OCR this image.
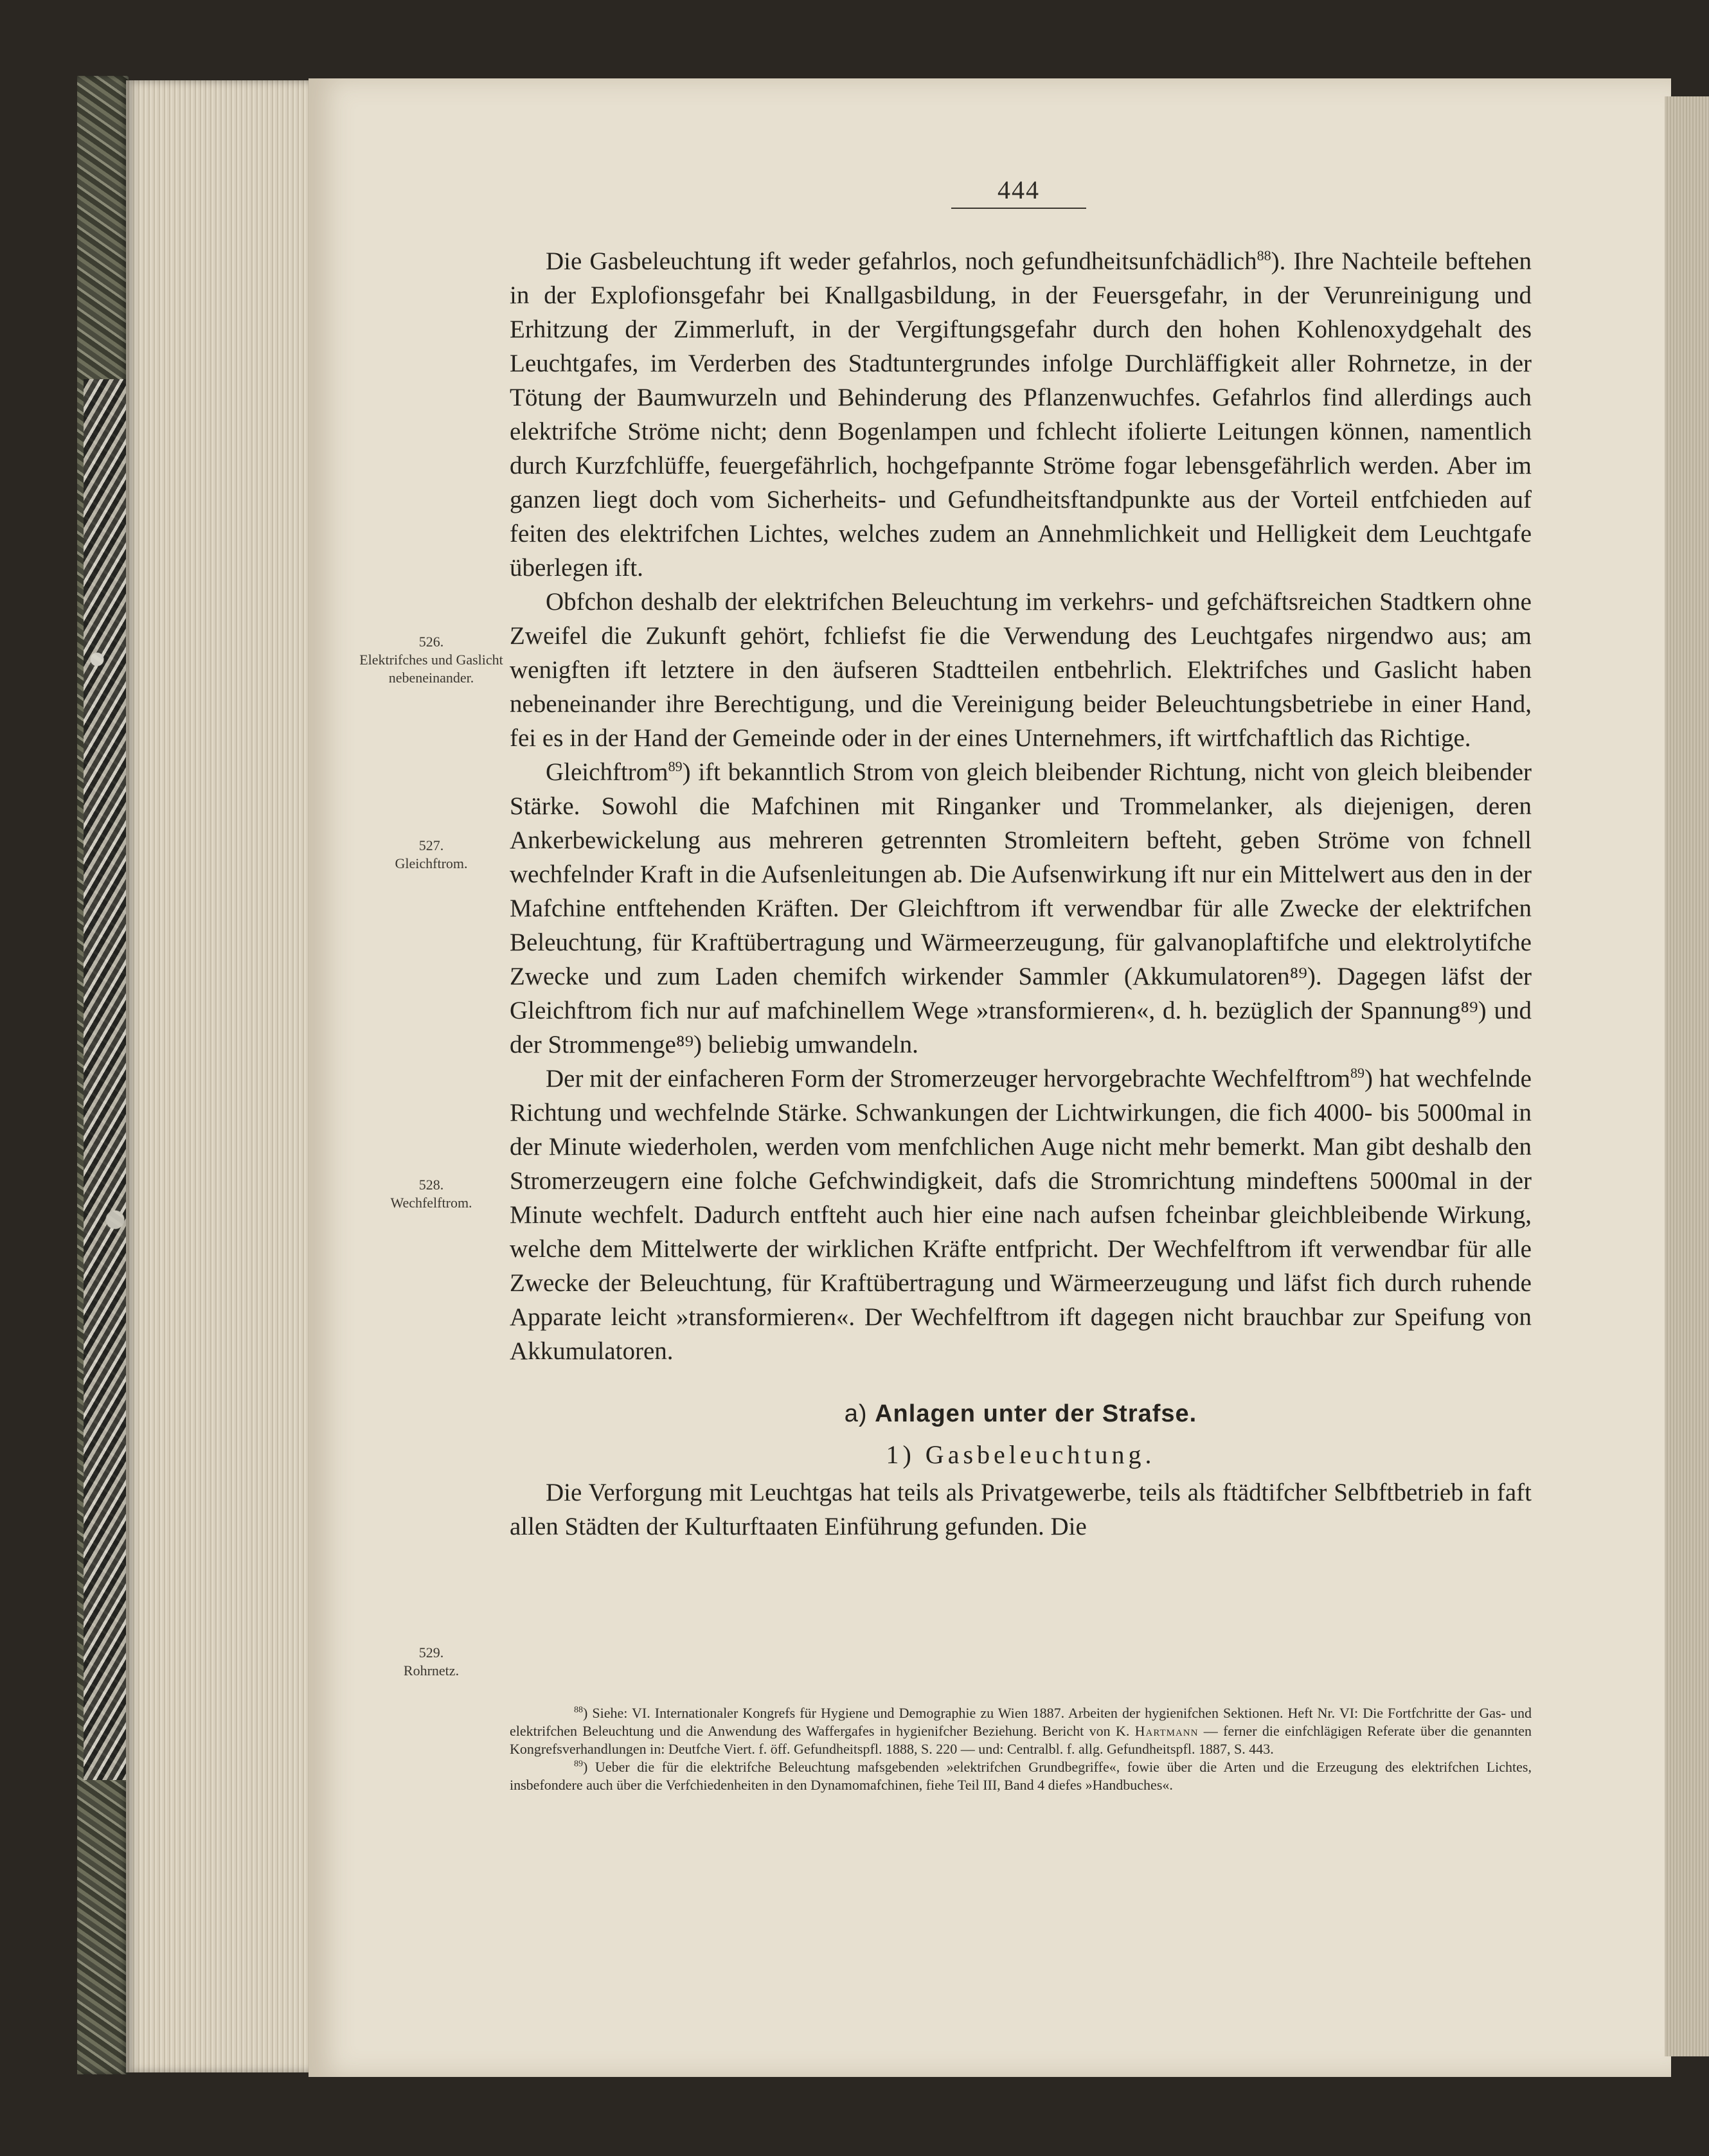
444
526.
Elektrifches und Gaslicht nebeneinander.
527.
Gleichftrom.
528.
Wechfelftrom.
529.
Rohrnetz.

Die Gasbeleuchtung ift weder gefahrlos, noch gefundheitsunfchädlich$^{88}$). Ihre Nachteile beftehen in der Explofionsgefahr bei Knallgasbildung, in der Feuersgefahr, in der Verunreinigung und Erhitzung der Zimmerluft, in der Vergiftungsgefahr durch den hohen Kohlenoxydgehalt des Leuchtgafes, im Verderben des Stadtuntergrundes infolge Durchläffigkeit aller Rohrnetze, in der Tötung der Baumwurzeln und Behinderung des Pflanzenwuchfes. Gefahrlos find allerdings auch elektrifche Ströme nicht; denn Bogenlampen und fchlecht ifolierte Leitungen können, namentlich durch Kurzfchlüffe, feuergefährlich, hochgefpannte Ströme fogar lebensgefährlich werden. Aber im ganzen liegt doch vom Sicherheits- und Gefundheitsftandpunkte aus der Vorteil entfchieden auf feiten des elektrifchen Lichtes, welches zudem an Annehmlichkeit und Helligkeit dem Leuchtgafe überlegen ift.

Obfchon deshalb der elektrifchen Beleuchtung im verkehrs- und gefchäftsreichen Stadtkern ohne Zweifel die Zukunft gehört, fchliefst fie die Verwendung des Leuchtgafes nirgendwo aus; am wenigften ift letztere in den äufseren Stadtteilen entbehrlich. Elektrifches und Gaslicht haben nebeneinander ihre Berechtigung, und die Vereinigung beider Beleuchtungsbetriebe in einer Hand, fei es in der Hand der Gemeinde oder in der eines Unternehmers, ift wirtfchaftlich das Richtige.

Gleichftrom$^{89}$) ift bekanntlich Strom von gleich bleibender Richtung, nicht von gleich bleibender Stärke. Sowohl die Mafchinen mit Ringanker und Trommelanker, als diejenigen, deren Ankerbewickelung aus mehreren getrennten Stromleitern befteht, geben Ströme von fchnell wechfelnder Kraft in die Aufsenleitungen ab. Die Aufsenwirkung ift nur ein Mittelwert aus den in der Mafchine entftehenden Kräften. Der Gleichftrom ift verwendbar für alle Zwecke der elektrifchen Beleuchtung, für Kraftübertragung und Wärmeerzeugung, für galvanoplaftifche und elektrolytifche Zwecke und zum Laden chemifch wirkender Sammler (Akkumulatoren⁸⁹). Dagegen läfst der Gleichftrom fich nur auf mafchinellem Wege »transformieren«, d. h. bezüglich der Spannung⁸⁹) und der Strommenge⁸⁹) beliebig umwandeln.

Der mit der einfacheren Form der Stromerzeuger hervorgebrachte Wechfelftrom$^{89}$) hat wechfelnde Richtung und wechfelnde Stärke. Schwankungen der Lichtwirkungen, die fich 4000- bis 5000mal in der Minute wiederholen, werden vom menfchlichen Auge nicht mehr bemerkt. Man gibt deshalb den Stromerzeugern eine folche Gefchwindigkeit, dafs die Stromrichtung mindeftens 5000mal in der Minute wechfelt. Dadurch entfteht auch hier eine nach aufsen fcheinbar gleichbleibende Wirkung, welche dem Mittelwerte der wirklichen Kräfte entfpricht. Der Wechfelftrom ift verwendbar für alle Zwecke der Beleuchtung, für Kraftübertragung und Wärmeerzeugung und läfst fich durch ruhende Apparate leicht »transformieren«. Der Wechfelftrom ift dagegen nicht brauchbar zur Speifung von Akkumulatoren.

a) Anlagen unter der Strafse.
1) Gasbeleuchtung.

Die Verforgung mit Leuchtgas hat teils als Privatgewerbe, teils als ftädtifcher Selbftbetrieb in faft allen Städten der Kulturftaaten Einführung gefunden. Die

$^{88}$) Siehe: VI. Internationaler Kongrefs für Hygiene und Demographie zu Wien 1887. Arbeiten der hygienifchen Sektionen. Heft Nr. VI: Die Fortfchritte der Gas- und elektrifchen Beleuchtung und die Anwendung des Waffergafes in hygienifcher Beziehung. Bericht von K. Hartmann — ferner die einfchlägigen Referate über die genannten Kongrefsverhandlungen in: Deutfche Viert. f. öff. Gefundheitspfl. 1888, S. 220 — und: Centralbl. f. allg. Gefundheitspfl. 1887, S. 443.

$^{89}$) Ueber die für die elektrifche Beleuchtung mafsgebenden »elektrifchen Grundbegriffe«, fowie über die Arten und die Erzeugung des elektrifchen Lichtes, insbefondere auch über die Verfchiedenheiten in den Dynamomafchinen, fiehe Teil III, Band 4 diefes »Handbuches«.
